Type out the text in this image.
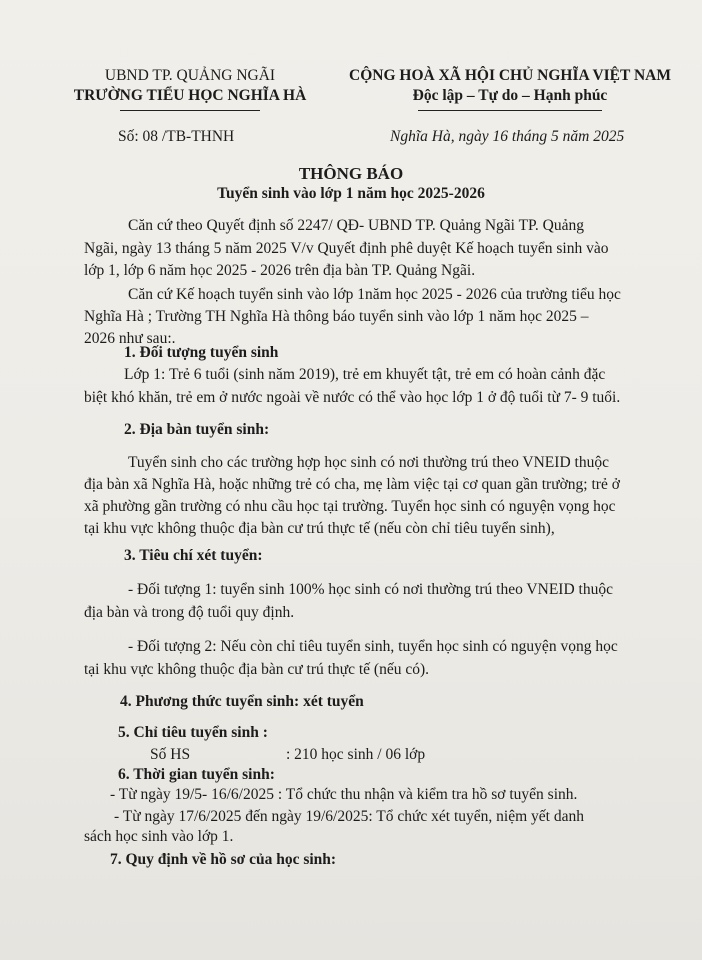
UBND TP. QUẢNG NGÃI
TRƯỜNG TIỂU HỌC NGHĨA HÀ
CỘNG HOÀ XÃ HỘI CHỦ NGHĨA VIỆT NAM
Độc lập – Tự do – Hạnh phúc
Số: 08 /TB-THNH	Nghĩa Hà, ngày 16 tháng 5 năm 2025
THÔNG BÁO
Tuyển sinh vào lớp 1 năm học 2025-2026
Căn cứ theo Quyết định số 2247/ QĐ- UBND TP. Quảng Ngãi TP. Quảng
Ngãi, ngày 13 tháng 5 năm 2025 V/v Quyết định phê duyệt Kế hoạch tuyển sinh vào
lớp 1, lớp 6 năm học 2025 - 2026 trên địa bàn TP. Quảng Ngãi.
Căn cứ Kế hoạch tuyển sinh vào lớp 1năm học 2025 - 2026 của trường tiểu học
Nghĩa Hà ; Trường TH Nghĩa Hà thông báo tuyển sinh vào lớp 1 năm học 2025 –
2026 như sau:.
1. Đối tượng tuyển sinh
Lớp 1: Trẻ 6 tuổi (sinh năm 2019), trẻ em khuyết tật, trẻ em có hoàn cảnh đặc
biệt khó khăn, trẻ em ở nước ngoài về nước có thể vào học lớp 1 ở độ tuổi từ 7- 9 tuổi.
2. Địa bàn tuyển sinh:
Tuyển sinh cho các trường hợp học sinh có nơi thường trú theo VNEID thuộc
địa bàn xã Nghĩa Hà, hoặc những trẻ có cha, mẹ làm việc tại cơ quan gần trường; trẻ ở
xã phường gần trường có nhu cầu học tại trường. Tuyển học sinh có nguyện vọng học
tại khu vực không thuộc địa bàn cư trú thực tế (nếu còn chỉ tiêu tuyển sinh),
3. Tiêu chí xét tuyển:
- Đối tượng 1: tuyển sinh 100% học sinh có nơi thường trú theo VNEID thuộc
địa bàn và trong độ tuổi quy định.
- Đối tượng 2: Nếu còn chỉ tiêu tuyển sinh, tuyển học sinh có nguyện vọng học
tại khu vực không thuộc địa bàn cư trú thực tế (nếu có).
4. Phương thức tuyển sinh: xét tuyển
5. Chỉ tiêu tuyển sinh :
Số HS	: 210 học sinh / 06 lớp
6. Thời gian tuyển sinh:
- Từ ngày 19/5- 16/6/2025 : Tổ chức thu nhận và kiểm tra hồ sơ tuyển sinh.
- Từ ngày 17/6/2025 đến ngày 19/6/2025: Tổ chức xét tuyển, niệm yết danh
sách học sinh vào lớp 1.
7. Quy định về hồ sơ của học sinh:
